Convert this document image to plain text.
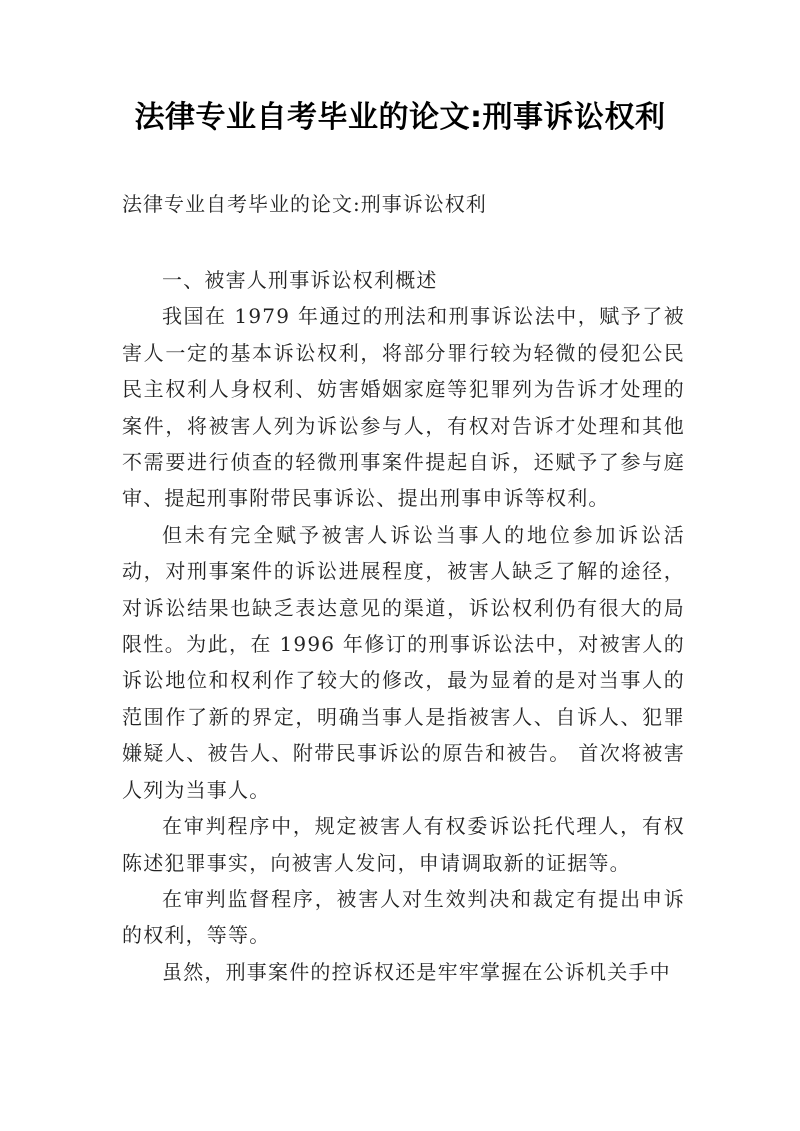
法律专业自考毕业的论文:刑事诉讼权利
法律专业自考毕业的论文:刑事诉讼权利

一、被害人刑事诉讼权利概述

我国在 1979 年通过的刑法和刑事诉讼法中，赋予了被害人一定的基本诉讼权利，将部分罪行较为轻微的侵犯公民民主权利人身权利、妨害婚姻家庭等犯罪列为告诉才处理的案件，将被害人列为诉讼参与人，有权对告诉才处理和其他不需要进行侦查的轻微刑事案件提起自诉，还赋予了参与庭审、提起刑事附带民事诉讼、提出刑事申诉等权利。

但未有完全赋予被害人诉讼当事人的地位参加诉讼活动，对刑事案件的诉讼进展程度，被害人缺乏了解的途径，对诉讼结果也缺乏表达意见的渠道，诉讼权利仍有很大的局限性。为此，在 1996 年修订的刑事诉讼法中，对被害人的诉讼地位和权利作了较大的修改，最为显着的是对当事人的范围作了新的界定，明确当事人是指被害人、自诉人、犯罪嫌疑人、被告人、附带民事诉讼的原告和被告。 首次将被害人列为当事人。

在审判程序中，规定被害人有权委诉讼托代理人，有权陈述犯罪事实，向被害人发问，申请调取新的证据等。

在审判监督程序，被害人对生效判决和裁定有提出申诉的权利，等等。

虽然，刑事案件的控诉权还是牢牢掌握在公诉机关手中
